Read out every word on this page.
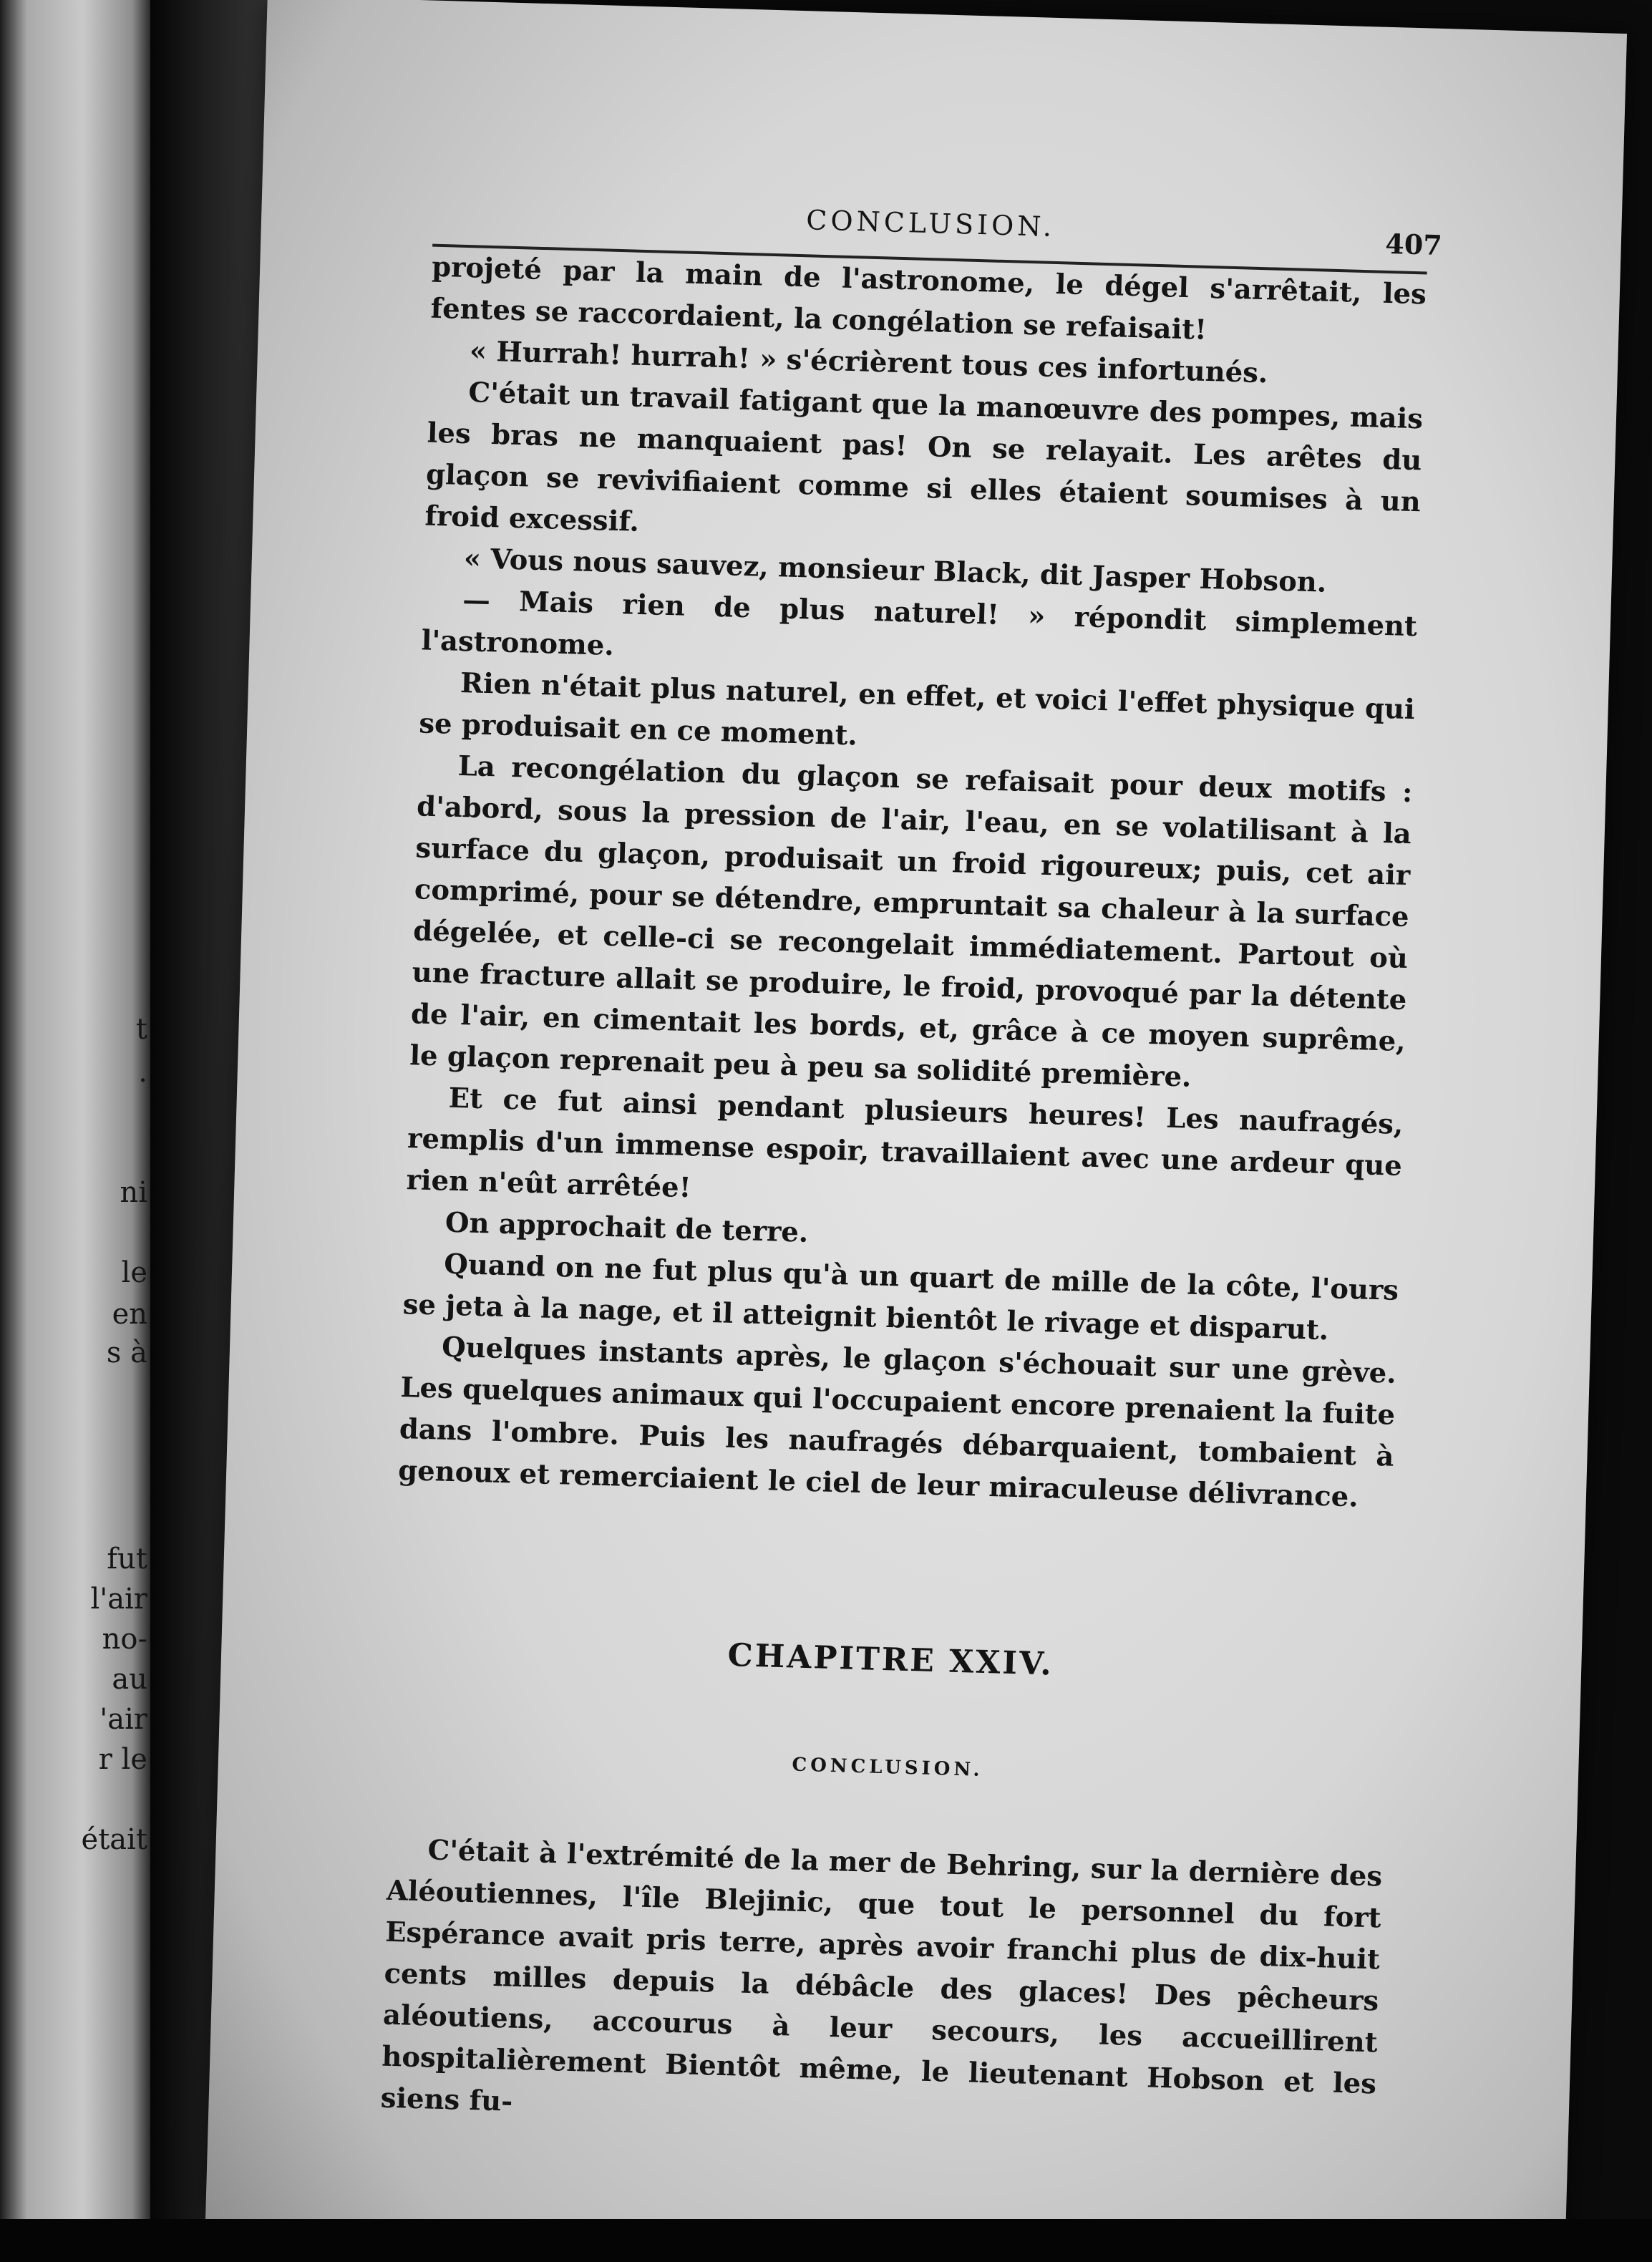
t
.
ni
le
en
s à
fut
l'air
no-
au
'air
r le
était
CONCLUSION.
407

projeté par la main de l'astronome, le dégel s'arrêtait, les fentes se raccordaient, la congélation se refaisait!

« Hurrah! hurrah! » s'écrièrent tous ces infortunés.

C'était un travail fatigant que la manœuvre des pompes, mais les bras ne manquaient pas! On se relayait. Les arêtes du glaçon se revivifiaient comme si elles étaient soumises à un froid excessif.

« Vous nous sauvez, monsieur Black, dit Jasper Hobson.

— Mais rien de plus naturel! » répondit simplement l'astronome.

Rien n'était plus naturel, en effet, et voici l'effet physique qui se produisait en ce moment.

La recongélation du glaçon se refaisait pour deux motifs : d'abord, sous la pression de l'air, l'eau, en se volatilisant à la surface du glaçon, produisait un froid rigoureux; puis, cet air comprimé, pour se détendre, empruntait sa chaleur à la surface dégelée, et celle-ci se recongelait immédiatement. Partout où une fracture allait se produire, le froid, provoqué par la détente de l'air, en cimentait les bords, et, grâce à ce moyen suprême, le glaçon reprenait peu à peu sa solidité première.

Et ce fut ainsi pendant plusieurs heures! Les naufragés, remplis d'un immense espoir, travaillaient avec une ardeur que rien n'eût arrêtée!

On approchait de terre.

Quand on ne fut plus qu'à un quart de mille de la côte, l'ours se jeta à la nage, et il atteignit bientôt le rivage et disparut.

Quelques instants après, le glaçon s'échouait sur une grève. Les quelques animaux qui l'occupaient encore prenaient la fuite dans l'ombre. Puis les naufragés débarquaient, tombaient à genoux et remerciaient le ciel de leur miraculeuse délivrance.

CHAPITRE XXIV.
CONCLUSION.

C'était à l'extrémité de la mer de Behring, sur la dernière des Aléoutiennes, l'île Blejinic, que tout le personnel du fort Espérance avait pris terre, après avoir franchi plus de dix-huit cents milles depuis la débâcle des glaces! Des pêcheurs aléoutiens, accourus à leur secours, les accueillirent hospitalièrement Bientôt même, le lieutenant Hobson et les siens fu-
